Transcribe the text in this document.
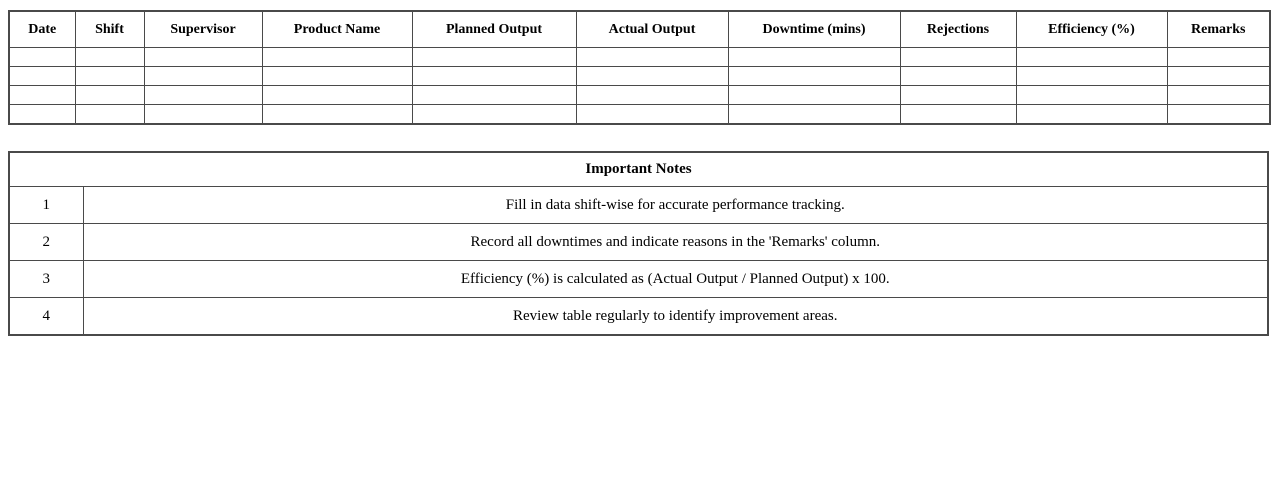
Date	Shift	Supervisor	Product Name	Planned Output	Actual Output	Downtime (mins)	Rejections	Efficiency (%)	Remarks

Important Notes	
1	Fill in data shift-wise for accurate performance tracking.
2	Record all downtimes and indicate reasons in the 'Remarks' column.
3	Efficiency (%) is calculated as (Actual Output / Planned Output) x 100.
4	Review table regularly to identify improvement areas.
